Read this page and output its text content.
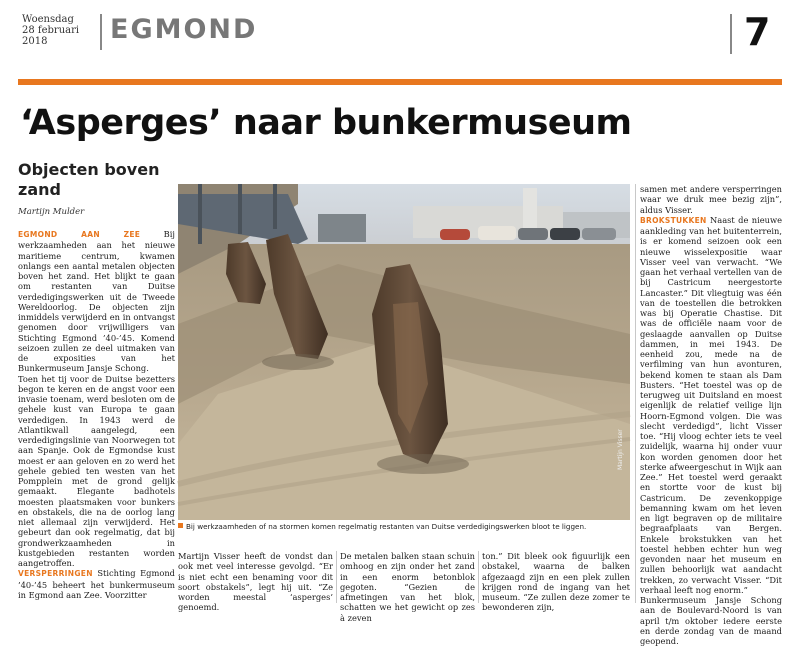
Woensdag
28 februari
2018	EGMOND	7
‘Asperges’ naar bunkermuseum
Objecten boven zand
Martijn Mulder

EGMOND AAN ZEE	Bij werkzaamheden aan het nieuwe maritieme centrum, kwamen onlangs een aantal metalen objecten boven het zand. Het blijkt te gaan om restanten van Duitse verdedigingswerken uit de Tweede Wereldoorlog. De objecten zijn inmiddels verwijderd en in ontvangst genomen door vrijwilligers van Stichting Egmond ’40-’45. Komend seizoen zullen ze deel uitmaken van de exposities van het Bunkermuseum Jansje Schong.

Toen het tij voor de Duitse bezetters begon te keren en de angst voor een invasie toenam, werd besloten om de gehele kust van Europa te gaan verdedigen. In 1943 werd de Atlantikwall aangelegd, een verdedigingslinie van Noorwegen tot aan Spanje. Ook de Egmondse kust moest er aan geloven en zo werd het gehele gebied ten westen van het Pompplein met de grond gelijk gemaakt. Elegante badhotels moesten plaatsmaken voor bunkers en obstakels, die na de oorlog lang niet allemaal zijn verwijderd. Het gebeurt dan ook regelmatig, dat bij grondwerkzaamheden in kustgebieden restanten worden aangetroffen.

VERSPERRINGEN Stichting Egmond ’40-’45 beheert het bunkermuseum in Egmond aan Zee. Voorzitter

Martijn Visser
Bij werkzaamheden of na stormen komen regelmatig restanten van Duitse verdedigingswerken bloot te liggen.
Martijn Visser heeft de vondst dan ook met veel interesse gevolgd. “Er is niet echt een benaming voor dit soort obstakels”, legt hij uit. “Ze worden meestal ‘asperges’ genoemd.
De metalen balken staan schuin omhoog en zijn onder het zand in een enorm betonblok gegoten. “Gezien de afmetingen van het blok, schatten we het gewicht op zes à zeven
ton.” Dit bleek ook figuurlijk een obstakel, waarna de balken afgezaagd zijn en een plek zullen krijgen rond de ingang van het museum. “Ze zullen deze zomer te bewonderen zijn,

samen met andere versperringen waar we druk mee bezig zijn”, aldus Visser.

BROKSTUKKEN Naast de nieuwe aankleding van het buitenterrein, is er komend seizoen ook een nieuwe wisselexpositie waar Visser veel van verwacht. “We gaan het verhaal vertellen van de bij Castricum neergestorte Lancaster.” Dit vliegtuig was één van de toestellen die betrokken was bij Operatie Chastise. Dit was de officiële naam voor de geslaagde aanvallen op Duitse dammen, in mei 1943. De eenheid zou, mede na de verfilming van hun avonturen, bekend komen te staan als Dam Busters. “Het toestel was op de terugweg uit Duitsland en moest eigenlijk de relatief veilige lijn Hoorn-Egmond volgen. Die was slecht verdedigd”, licht Visser toe. “Hij vloog echter iets te veel zuidelijk, waarna hij onder vuur kon worden genomen door het sterke afweergeschut in Wijk aan Zee.” Het toestel werd geraakt en stortte voor de kust bij Castricum. De zevenkoppige bemanning kwam om het leven en ligt begraven op de militaire begraafplaats van Bergen. Enkele brokstukken van het toestel hebben echter hun weg gevonden naar het museum en zullen behoorlijk wat aandacht trekken, zo verwacht Visser. “Dit verhaal leeft nog enorm.”

Bunkermuseum Jansje Schong aan de Boulevard-Noord is van april t/m oktober iedere eerste en derde zondag van de maand geopend.
